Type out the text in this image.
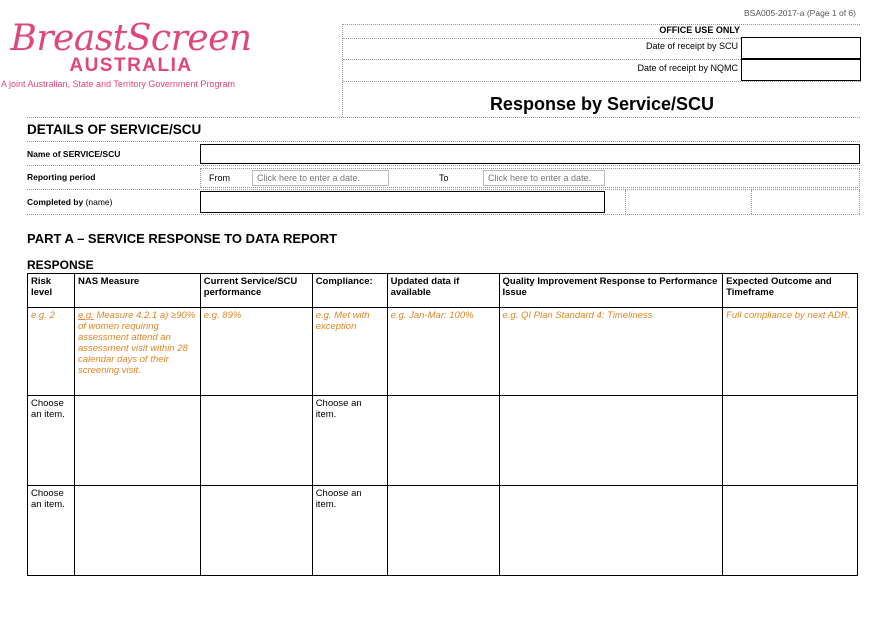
BSA005-2017-a (Page 1 of 6)
BreastScreen
AUSTRALIA
A joint Australian, State and Territory Government Program
OFFICE USE ONLY
Date of receipt by SCU
Date of receipt by NQMC
Response by Service/SCU
DETAILS OF SERVICE/SCU
Name of SERVICE/SCU
Reporting period	From	Click here to enter a date.	To	Click here to enter a date.
Completed by (name)
PART A – SERVICE RESPONSE TO DATA REPORT
RESPONSE
Risk level	NAS Measure	Current Service/SCU performance	Compliance:	Updated data if available	Quality Improvement Response to Performance Issue	Expected Outcome and Timeframe
e.g. 2	e.g. Measure 4.2.1 a) ≥90% of women requiring assessment attend an assessment visit within 28 calendar days of their screening visit.	e.g. 89%	e.g. Met with exception	e.g. Jan-Mar: 100%	e.g. QI Plan Standard 4: Timeliness	Full compliance by next ADR.
Choose an item.			Choose an item.			
Choose an item.			Choose an item.			
